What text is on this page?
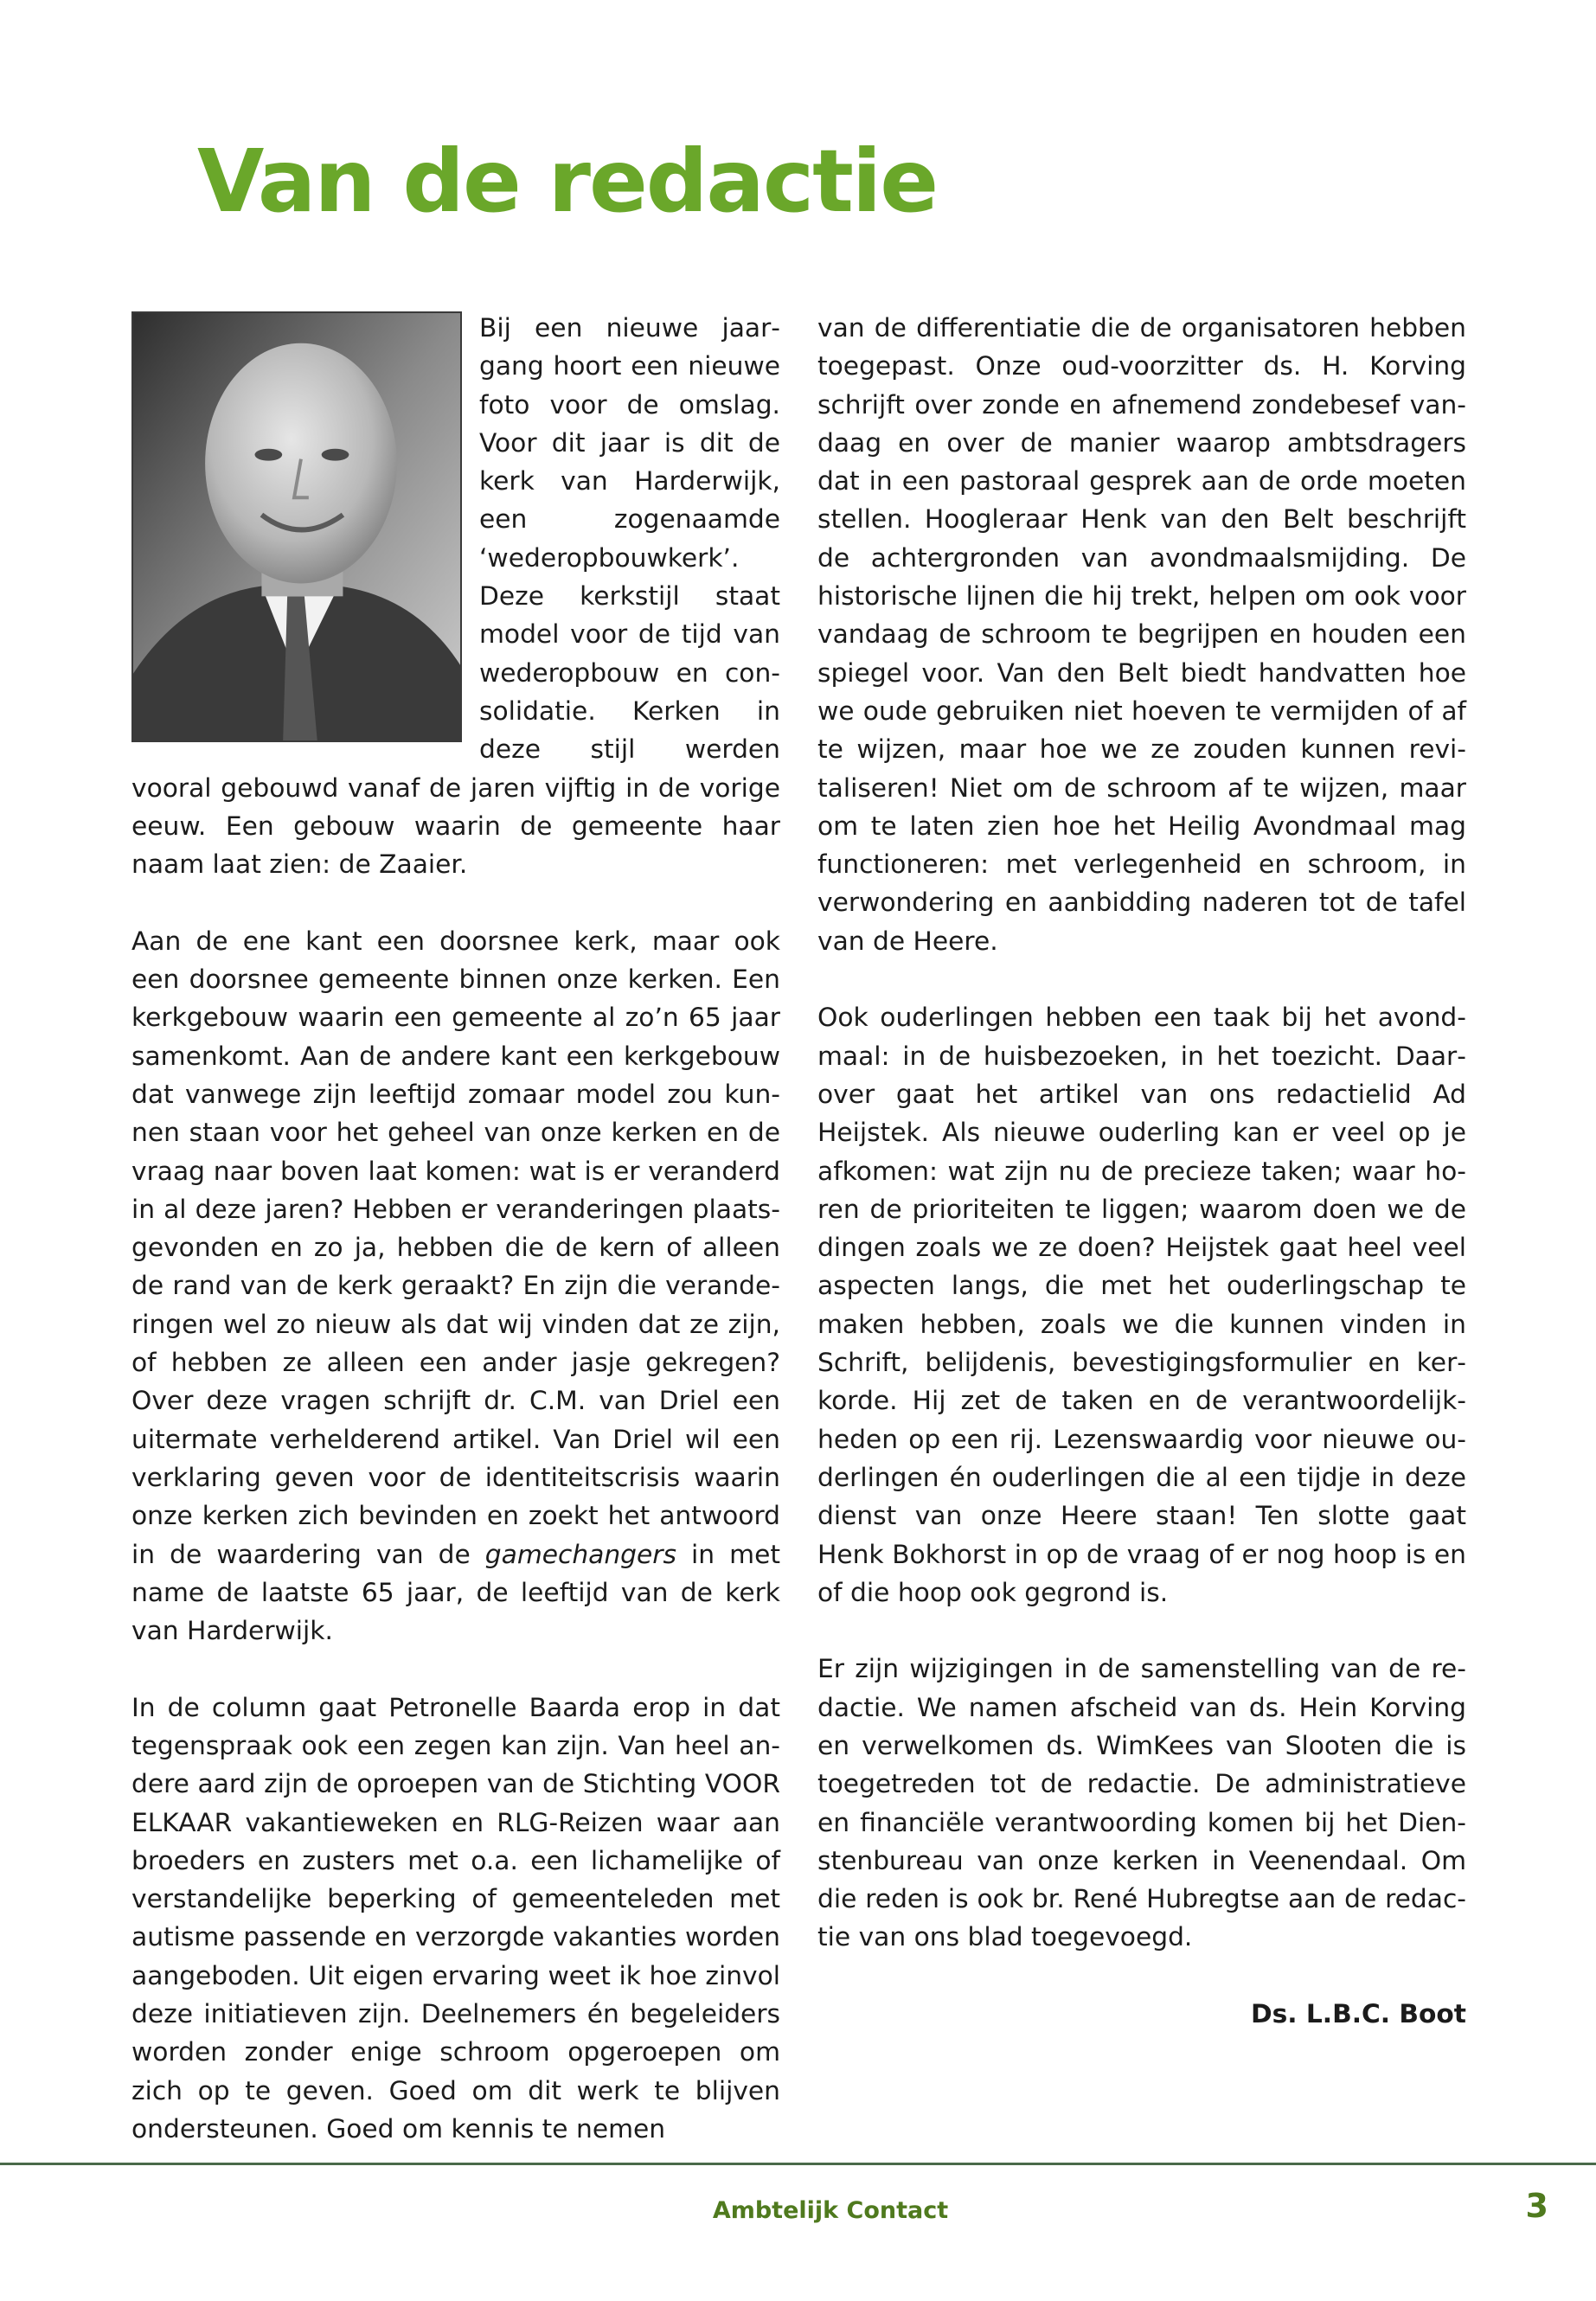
Van de redactie

Bij een nieuwe jaargang hoort een nieuwe foto voor de omslag. Voor dit jaar is dit de kerk van Harderwijk, een zogenaamde ‘wederopbouwkerk’. Deze kerkstijl staat model voor de tijd van wederopbouw en consolidatie. Kerken in deze stijl werden vooral gebouwd vanaf de jaren vijftig in de vorige eeuw. Een gebouw waarin de gemeente haar naam laat zien: de Zaaier.

Aan de ene kant een doorsnee kerk, maar ook een doorsnee gemeente binnen onze kerken. Een kerkgebouw waarin een gemeente al zo’n 65 jaar samenkomt. Aan de andere kant een kerkgebouw dat vanwege zijn leeftijd zomaar model zou kunnen staan voor het geheel van onze kerken en de vraag naar boven laat komen: wat is er veranderd in al deze jaren? Hebben er veranderingen plaatsgevonden en zo ja, hebben die de kern of alleen de rand van de kerk geraakt? En zijn die veranderingen wel zo nieuw als dat wij vinden dat ze zijn, of hebben ze alleen een ander jasje gekregen? Over deze vragen schrijft dr. C.M. van Driel een uitermate verhelderend artikel. Van Driel wil een verklaring geven voor de identiteitscrisis waarin onze kerken zich bevinden en zoekt het antwoord in de waardering van de gamechangers in met name de laatste 65 jaar, de leeftijd van de kerk van Harderwijk.

In de column gaat Petronelle Baarda erop in dat tegenspraak ook een zegen kan zijn. Van heel andere aard zijn de oproepen van de Stichting VOOR ELKAAR vakantieweken en RLG-Reizen waar aan broeders en zusters met o.a. een lichamelijke of verstandelijke beperking of gemeenteleden met autisme passende en verzorgde vakanties worden aangeboden. Uit eigen ervaring weet ik hoe zinvol deze initiatieven zijn. Deelnemers én begeleiders worden zonder enige schroom opgeroepen om zich op te geven. Goed om dit werk te blijven ondersteunen. Goed om kennis te nemen

van de differentiatie die de organisatoren hebben toegepast. Onze oud-voorzitter ds. H. Korving schrijft over zonde en afnemend zondebesef vandaag en over de manier waarop ambtsdragers dat in een pastoraal gesprek aan de orde moeten stellen. Hoogleraar Henk van den Belt beschrijft de achtergronden van avondmaalsmijding. De historische lijnen die hij trekt, helpen om ook voor vandaag de schroom te begrijpen en houden een spiegel voor. Van den Belt biedt handvatten hoe we oude gebruiken niet hoeven te vermijden of af te wijzen, maar hoe we ze zouden kunnen revitaliseren! Niet om de schroom af te wijzen, maar om te laten zien hoe het Heilig Avondmaal mag functioneren: met verlegenheid en schroom, in verwondering en aanbidding naderen tot de tafel van de Heere.

Ook ouderlingen hebben een taak bij het avondmaal: in de huisbezoeken, in het toezicht. Daarover gaat het artikel van ons redactielid Ad Heijstek. Als nieuwe ouderling kan er veel op je afkomen: wat zijn nu de precieze taken; waar horen de prioriteiten te liggen; waarom doen we de dingen zoals we ze doen? Heijstek gaat heel veel aspecten langs, die met het ouderlingschap te maken hebben, zoals we die kunnen vinden in Schrift, belijdenis, bevestigingsformulier en kerkorde. Hij zet de taken en de verantwoordelijkheden op een rij. Lezenswaardig voor nieuwe ouderlingen én ouderlingen die al een tijdje in deze dienst van onze Heere staan! Ten slotte gaat Henk Bokhorst in op de vraag of er nog hoop is en of die hoop ook gegrond is.

Er zijn wijzigingen in de samenstelling van de redactie. We namen afscheid van ds. Hein Korving en verwelkomen ds. WimKees van Slooten die is toegetreden tot de redactie. De administratieve en financiële verantwoording komen bij het Dienstenbureau van onze kerken in Veenendaal. Om die reden is ook br. René Hubregtse aan de redactie van ons blad toegevoegd.

Ds. L.B.C. Boot

Ambtelijk Contact	3
